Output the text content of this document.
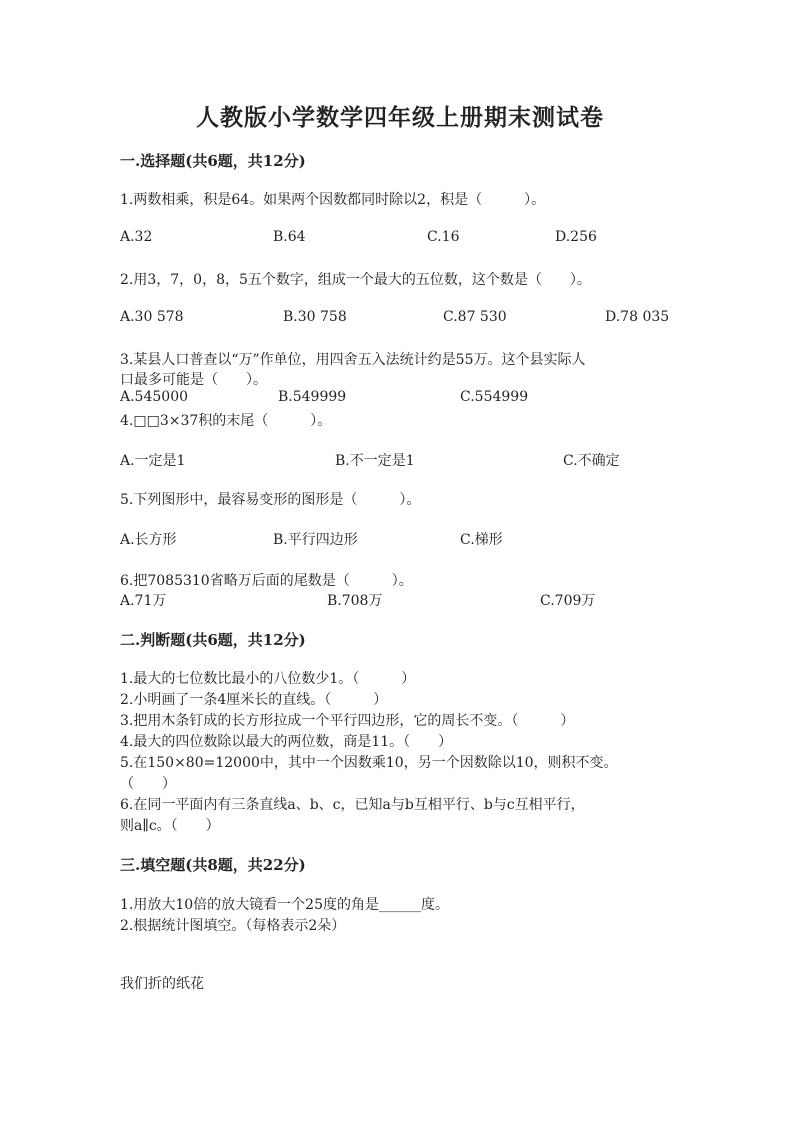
人教版小学数学四年级上册期末测试卷
一.选择题(共6题，共12分)
1.两数相乘，积是64。如果两个因数都同时除以2，积是（　　　）。
A.32	B.64	C.16	D.256
2.用3，7，0，8，5五个数字，组成一个最大的五位数，这个数是（　　）。
A.30 578	B.30 758	C.87 530	D.78 035
3.某县人口普查以“万”作单位，用四舍五入法统计约是55万。这个县实际人
口最多可能是（　　）。
A.545000	B.549999	C.554999
4.□□3×37积的末尾（　　　）。
A.一定是1	B.不一定是1	C.不确定
5.下列图形中，最容易变形的图形是（　　　）。
A.长方形	B.平行四边形	C.梯形
6.把7085310省略万后面的尾数是（　　　）。
A.71万	B.708万	C.709万
二.判断题(共6题，共12分)
1.最大的七位数比最小的八位数少1。（　　　）
2.小明画了一条4厘米长的直线。（　　　）
3.把用木条钉成的长方形拉成一个平行四边形，它的周长不变。（　　　）
4.最大的四位数除以最大的两位数，商是11。（　　）
5.在150×80=12000中，其中一个因数乘10，另一个因数除以10，则积不变。
（　　）
6.在同一平面内有三条直线a、b、c，已知a与b互相平行、b与c互相平行，
则a∥c。（　　）
三.填空题(共8题，共22分)
1.用放大10倍的放大镜看一个25度的角是______度。
2.根据统计图填空。（每格表示2朵）
我们折的纸花
